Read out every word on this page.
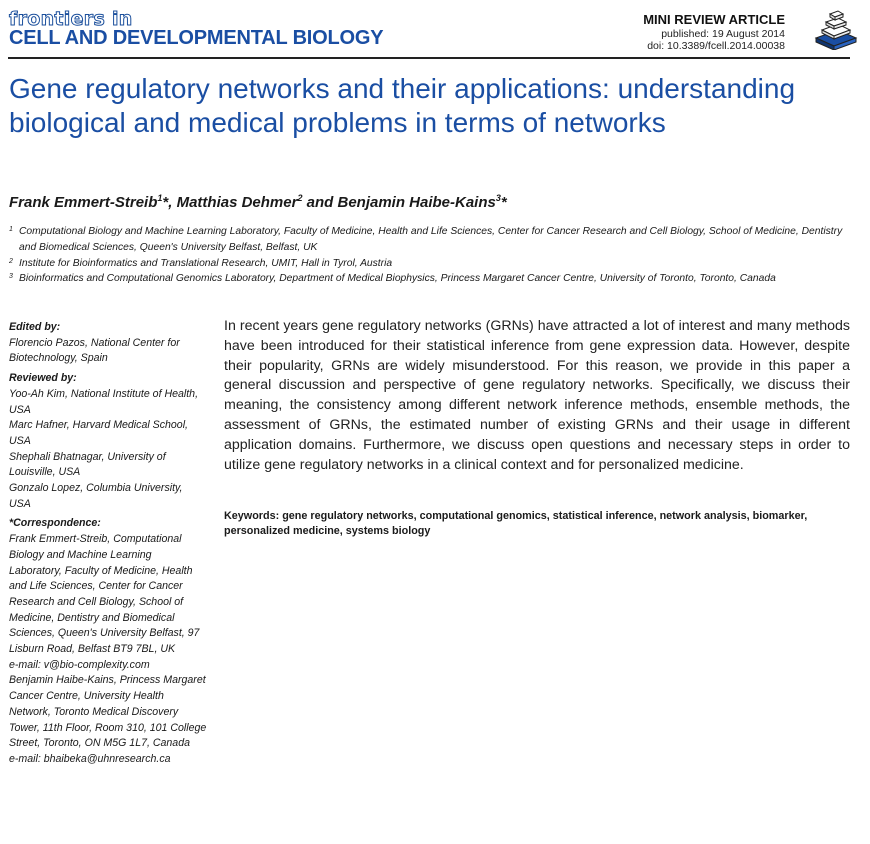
frontiers in
CELL AND DEVELOPMENTAL BIOLOGY
MINI REVIEW ARTICLE
published: 19 August 2014
doi: 10.3389/fcell.2014.00038
Gene regulatory networks and their applications: understanding biological and medical problems in terms of networks
Frank Emmert-Streib$^1$*, Matthias Dehmer$^2$ and Benjamin Haibe-Kains$^3$*
1 Computational Biology and Machine Learning Laboratory, Faculty of Medicine, Health and Life Sciences, Center for Cancer Research and Cell Biology, School of Medicine, Dentistry and Biomedical Sciences, Queen's University Belfast, Belfast, UK
2 Institute for Bioinformatics and Translational Research, UMIT, Hall in Tyrol, Austria
3 Bioinformatics and Computational Genomics Laboratory, Department of Medical Biophysics, Princess Margaret Cancer Centre, University of Toronto, Toronto, Canada
Edited by:
Florencio Pazos, National Center for Biotechnology, Spain
Reviewed by:
Yoo-Ah Kim, National Institute of Health, USA
Marc Hafner, Harvard Medical School, USA
Shephali Bhatnagar, University of Louisville, USA
Gonzalo Lopez, Columbia University, USA
*Correspondence:
Frank Emmert-Streib, Computational Biology and Machine Learning Laboratory, Faculty of Medicine, Health and Life Sciences, Center for Cancer Research and Cell Biology, School of Medicine, Dentistry and Biomedical Sciences, Queen's University Belfast, 97 Lisburn Road, Belfast BT9 7BL, UK
e-mail: v@bio-complexity.com
Benjamin Haibe-Kains, Princess Margaret Cancer Centre, University Health Network, Toronto Medical Discovery Tower, 11th Floor, Room 310, 101 College Street, Toronto, ON M5G 1L7, Canada
e-mail: bhaibeka@uhnresearch.ca
In recent years gene regulatory networks (GRNs) have attracted a lot of interest and many methods have been introduced for their statistical inference from gene expression data. However, despite their popularity, GRNs are widely misunderstood. For this reason, we provide in this paper a general discussion and perspective of gene regulatory networks. Specifically, we discuss their meaning, the consistency among different network inference methods, ensemble methods, the assessment of GRNs, the estimated number of existing GRNs and their usage in different application domains. Furthermore, we discuss open questions and necessary steps in order to utilize gene regulatory networks in a clinical context and for personalized medicine.
Keywords: gene regulatory networks, computational genomics, statistical inference, network analysis, biomarker, personalized medicine, systems biology
